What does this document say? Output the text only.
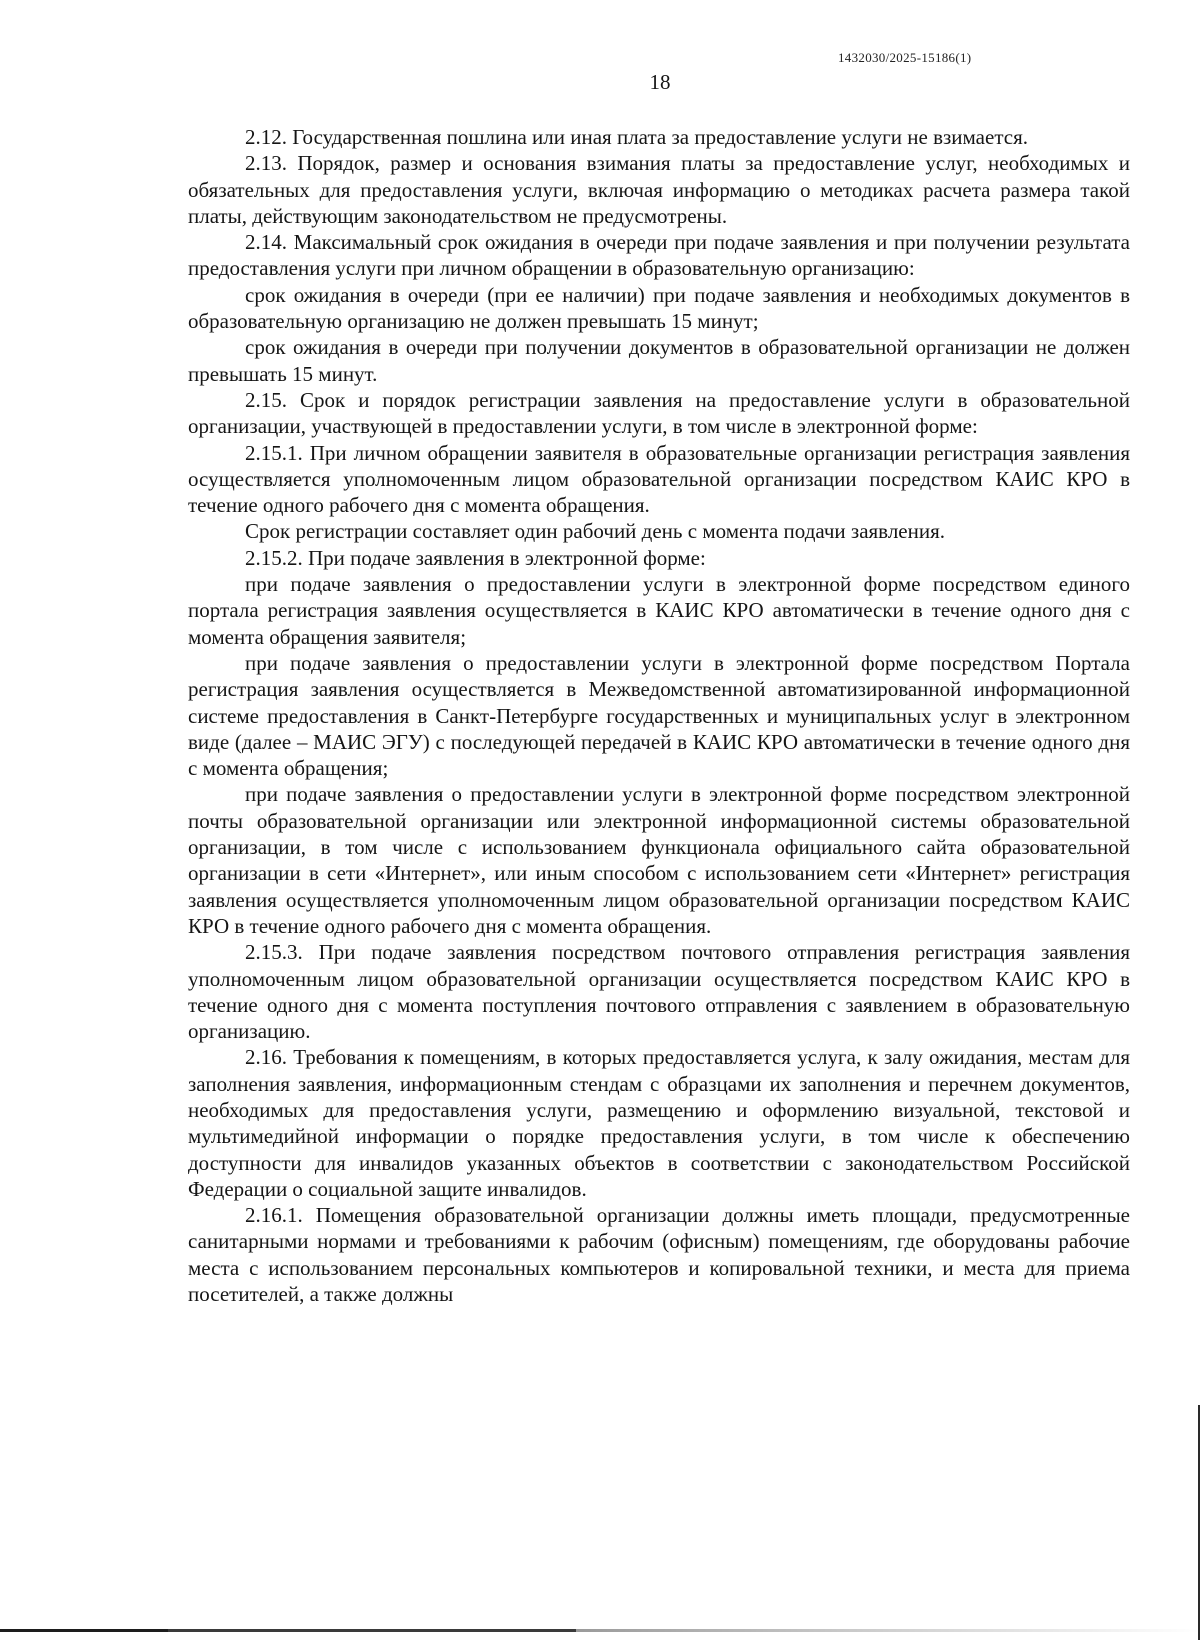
1432030/2025-15186(1)
18

2.12. Государственная пошлина или иная плата за предоставление услуги не взимается.

2.13. Порядок, размер и основания взимания платы за предоставление услуг, необходимых и обязательных для предоставления услуги, включая информацию о методиках расчета размера такой платы, действующим законодательством не предусмотрены.

2.14. Максимальный срок ожидания в очереди при подаче заявления и при получении результата предоставления услуги при личном обращении в образовательную организацию:

срок ожидания в очереди (при ее наличии) при подаче заявления и необходимых документов в образовательную организацию не должен превышать 15 минут;

срок ожидания в очереди при получении документов в образовательной организации не должен превышать 15 минут.

2.15. Срок и порядок регистрации заявления на предоставление услуги в образовательной организации, участвующей в предоставлении услуги, в том числе в электронной форме:

2.15.1. При личном обращении заявителя в образовательные организации регистрация заявления осуществляется уполномоченным лицом образовательной организации посредством КАИС КРО в течение одного рабочего дня с момента обращения.

Срок регистрации составляет один рабочий день с момента подачи заявления.

2.15.2. При подаче заявления в электронной форме:

при подаче заявления о предоставлении услуги в электронной форме посредством единого портала регистрация заявления осуществляется в КАИС КРО автоматически в течение одного дня с момента обращения заявителя;

при подаче заявления о предоставлении услуги в электронной форме посредством Портала регистрация заявления осуществляется в Межведомственной автоматизированной информационной системе предоставления в Санкт-Петербурге государственных и муниципальных услуг в электронном виде (далее – МАИС ЭГУ) с последующей передачей в КАИС КРО автоматически в течение одного дня с момента обращения;

при подаче заявления о предоставлении услуги в электронной форме посредством электронной почты образовательной организации или электронной информационной системы образовательной организации, в том числе с использованием функционала официального сайта образовательной организации в сети «Интернет», или иным способом с использованием сети «Интернет» регистрация заявления осуществляется уполномоченным лицом образовательной организации посредством КАИС КРО в течение одного рабочего дня с момента обращения.

2.15.3. При подаче заявления посредством почтового отправления регистрация заявления уполномоченным лицом образовательной организации осуществляется посредством КАИС КРО в течение одного дня с момента поступления почтового отправления с заявлением в образовательную организацию.

2.16. Требования к помещениям, в которых предоставляется услуга, к залу ожидания, местам для заполнения заявления, информационным стендам с образцами их заполнения и перечнем документов, необходимых для предоставления услуги, размещению и оформлению визуальной, текстовой и мультимедийной информации о порядке предоставления услуги, в том числе к обеспечению доступности для инвалидов указанных объектов в соответствии с законодательством Российской Федерации о социальной защите инвалидов.

2.16.1. Помещения образовательной организации должны иметь площади, предусмотренные санитарными нормами и требованиями к рабочим (офисным) помещениям, где оборудованы рабочие места с использованием персональных компьютеров и копировальной техники, и места для приема посетителей, а также должны
